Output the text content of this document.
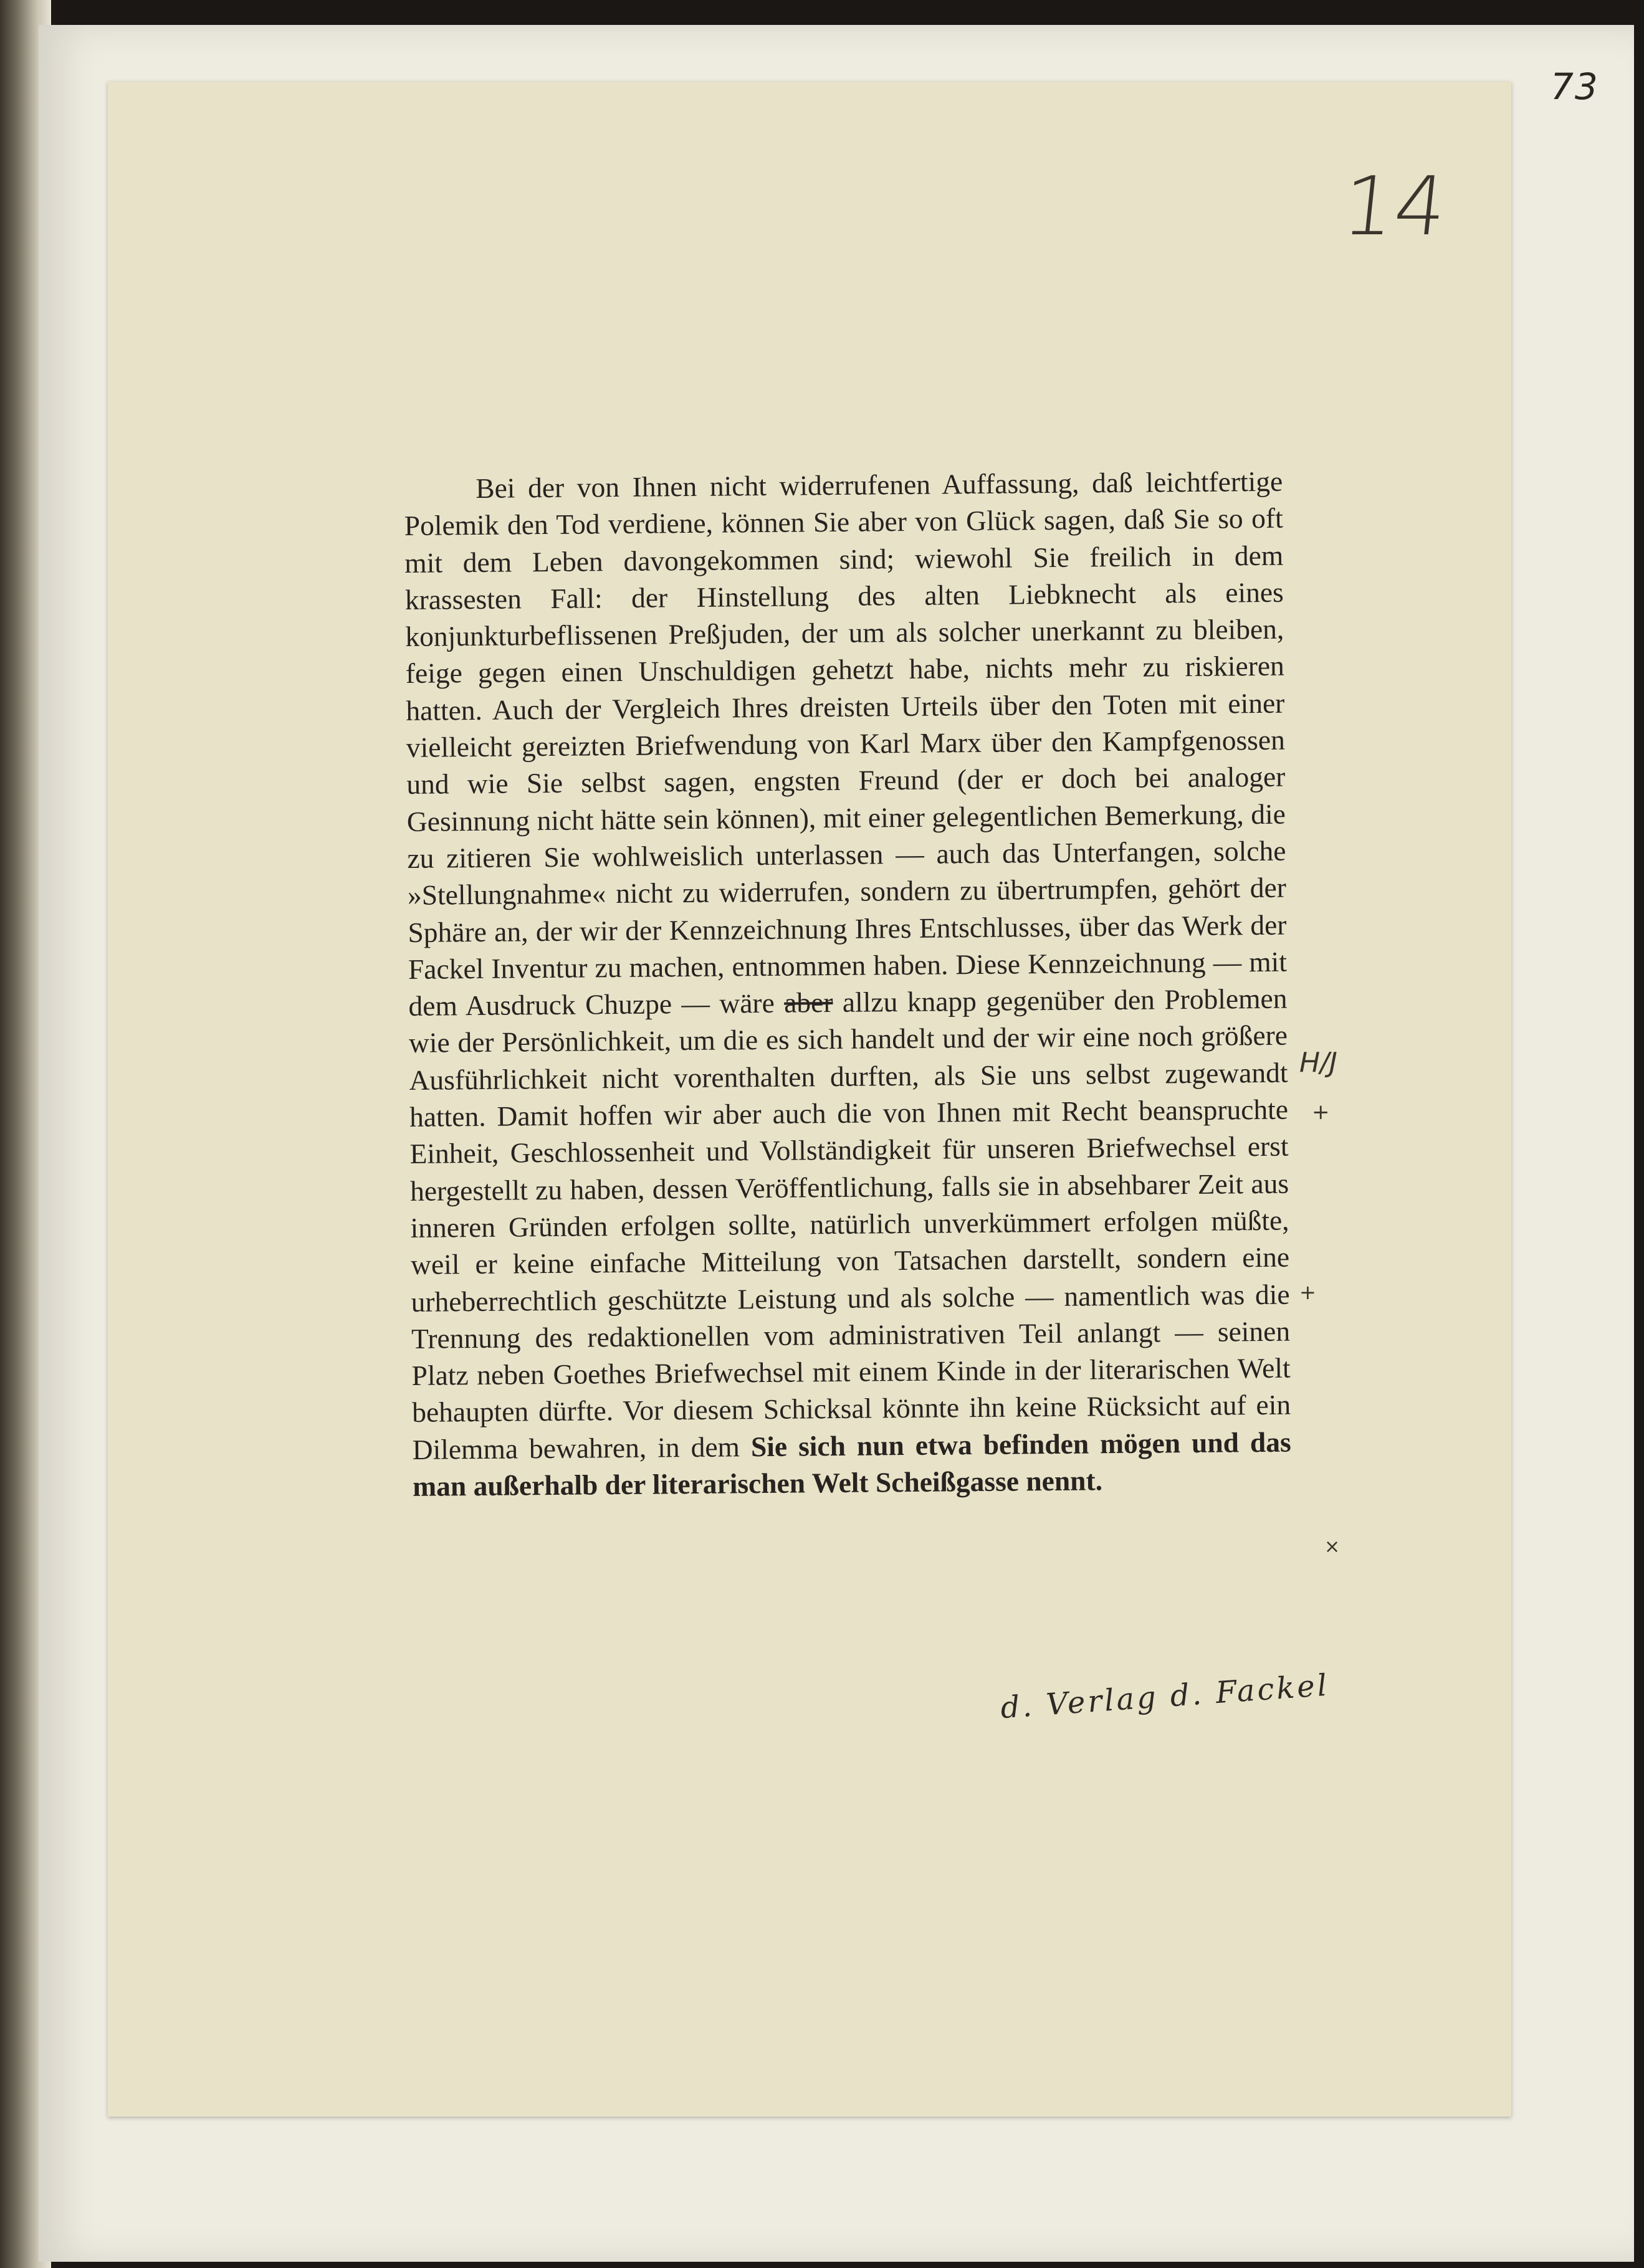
73
14

Bei der von Ihnen nicht widerrufenen Auffassung, daß leichtfertige Polemik den Tod verdiene, können Sie aber von Glück sagen, daß Sie so oft mit dem Leben davongekommen sind; wiewohl Sie freilich in dem krassesten Fall: der Hinstellung des alten Liebknecht als eines konjunkturbeflissenen Preßjuden, der um als solcher unerkannt zu bleiben, feige gegen einen Unschuldigen gehetzt habe, nichts mehr zu riskieren hatten. Auch der Vergleich Ihres dreisten Urteils über den Toten mit einer vielleicht gereizten Briefwendung von Karl Marx über den Kampfgenossen und wie Sie selbst sagen, engsten Freund (der er doch bei analoger Gesinnung nicht hätte sein können), mit einer gelegentlichen Bemerkung, die zu zitieren Sie wohlweislich unterlassen — auch das Unterfangen, solche »Stellungnahme« nicht zu widerrufen, sondern zu übertrumpfen, gehört der Sphäre an, der wir der Kennzeichnung Ihres Entschlusses, über das Werk der Fackel Inventur zu machen, entnommen haben. Diese Kennzeichnung — mit dem Ausdruck Chuzpe — wäre aber allzu knapp gegenüber den Problemen wie der Persönlichkeit, um die es sich handelt und der wir eine noch größere Ausführlichkeit nicht vorenthalten durften, als Sie uns selbst zugewandt hatten. Damit hoffen wir aber auch die von Ihnen mit Recht beanspruchte Einheit, Geschlossenheit und Vollständigkeit für unseren Briefwechsel erst hergestellt zu haben, dessen Veröffentlichung, falls sie in absehbarer Zeit aus inneren Gründen erfolgen sollte, natürlich unverkümmert erfolgen müßte, weil er keine einfache Mitteilung von Tatsachen darstellt, sondern eine urheberrechtlich geschützte Leistung und als solche — namentlich was die Trennung des redaktionellen vom administrativen Teil anlangt — seinen Platz neben Goethes Briefwechsel mit einem Kinde in der literarischen Welt behaupten dürfte. Vor diesem Schicksal könnte ihn keine Rücksicht auf ein Dilemma bewahren, in dem Sie sich nun etwa befinden mögen und das man außerhalb der literarischen Welt Scheißgasse nennt.

H/J
+
+
×
d. Verlag d. Fackel
